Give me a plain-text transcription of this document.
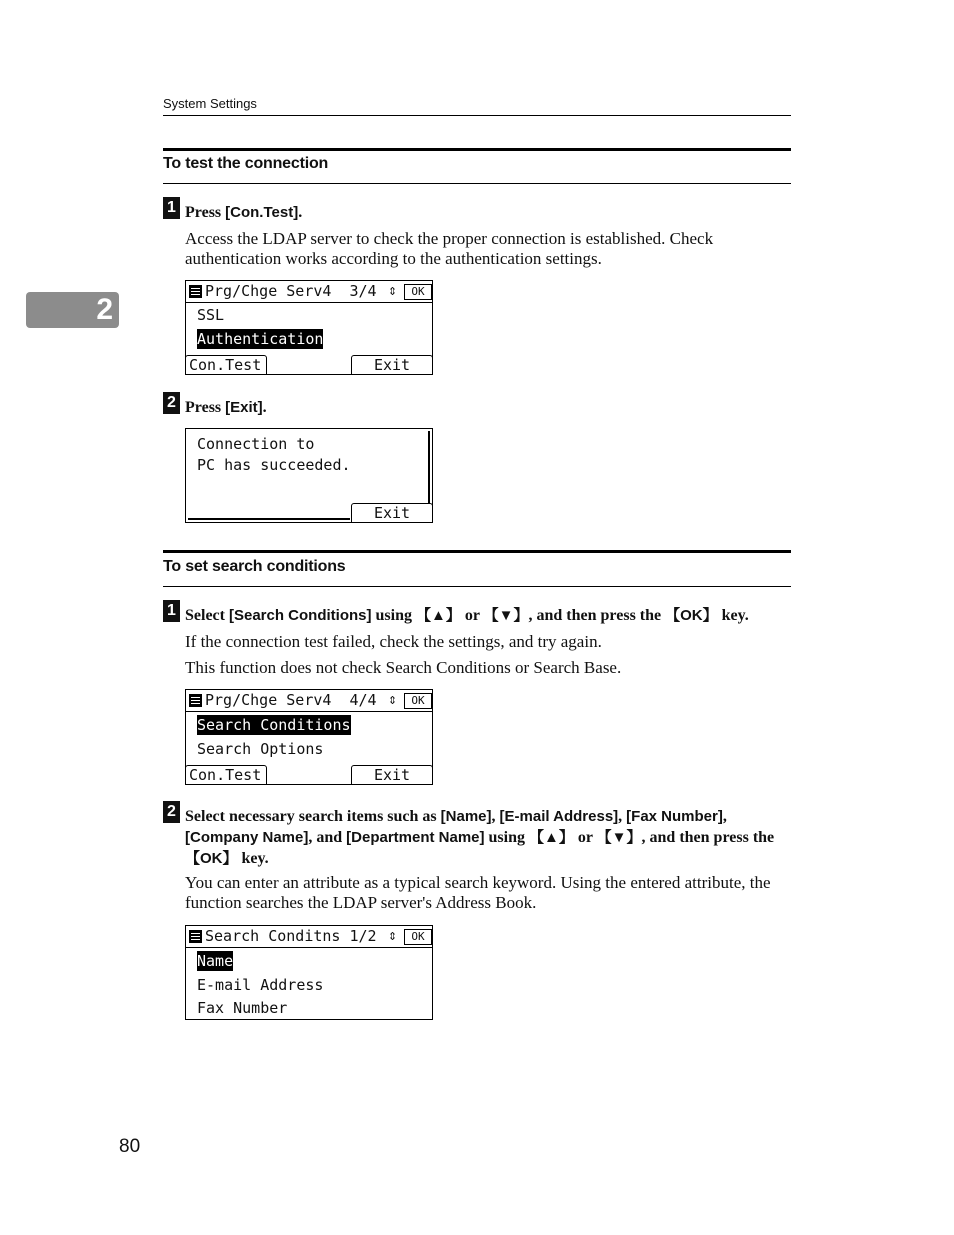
System Settings
2
To test the connection
1 Press [Con.Test].
Access the LDAP server to check the proper connection is established. Check authentication works according to the authentication settings.
Prg/Chge Serv4  3/4 ⇕	OK
SSL
Authentication
Con.Test	Exit
2 Press [Exit].
Connection to
PC has succeeded.
Exit
To set search conditions
1 Select [Search Conditions] using 【▲】 or 【▼】, and then press the 【OK】 key.
If the connection test failed, check the settings, and try again.
This function does not check Search Conditions or Search Base.
Prg/Chge Serv4  4/4 ⇕	OK
Search Conditions
Search Options
Con.Test	Exit
2 Select necessary search items such as [Name], [E-mail Address], [Fax Number], [Company Name], and [Department Name] using 【▲】 or 【▼】, and then press the 【OK】 key.
You can enter an attribute as a typical search keyword. Using the entered attribute, the function searches the LDAP server's Address Book.
Search Conditns 1/2 ⇕	OK
Name
E-mail Address
Fax Number
80
